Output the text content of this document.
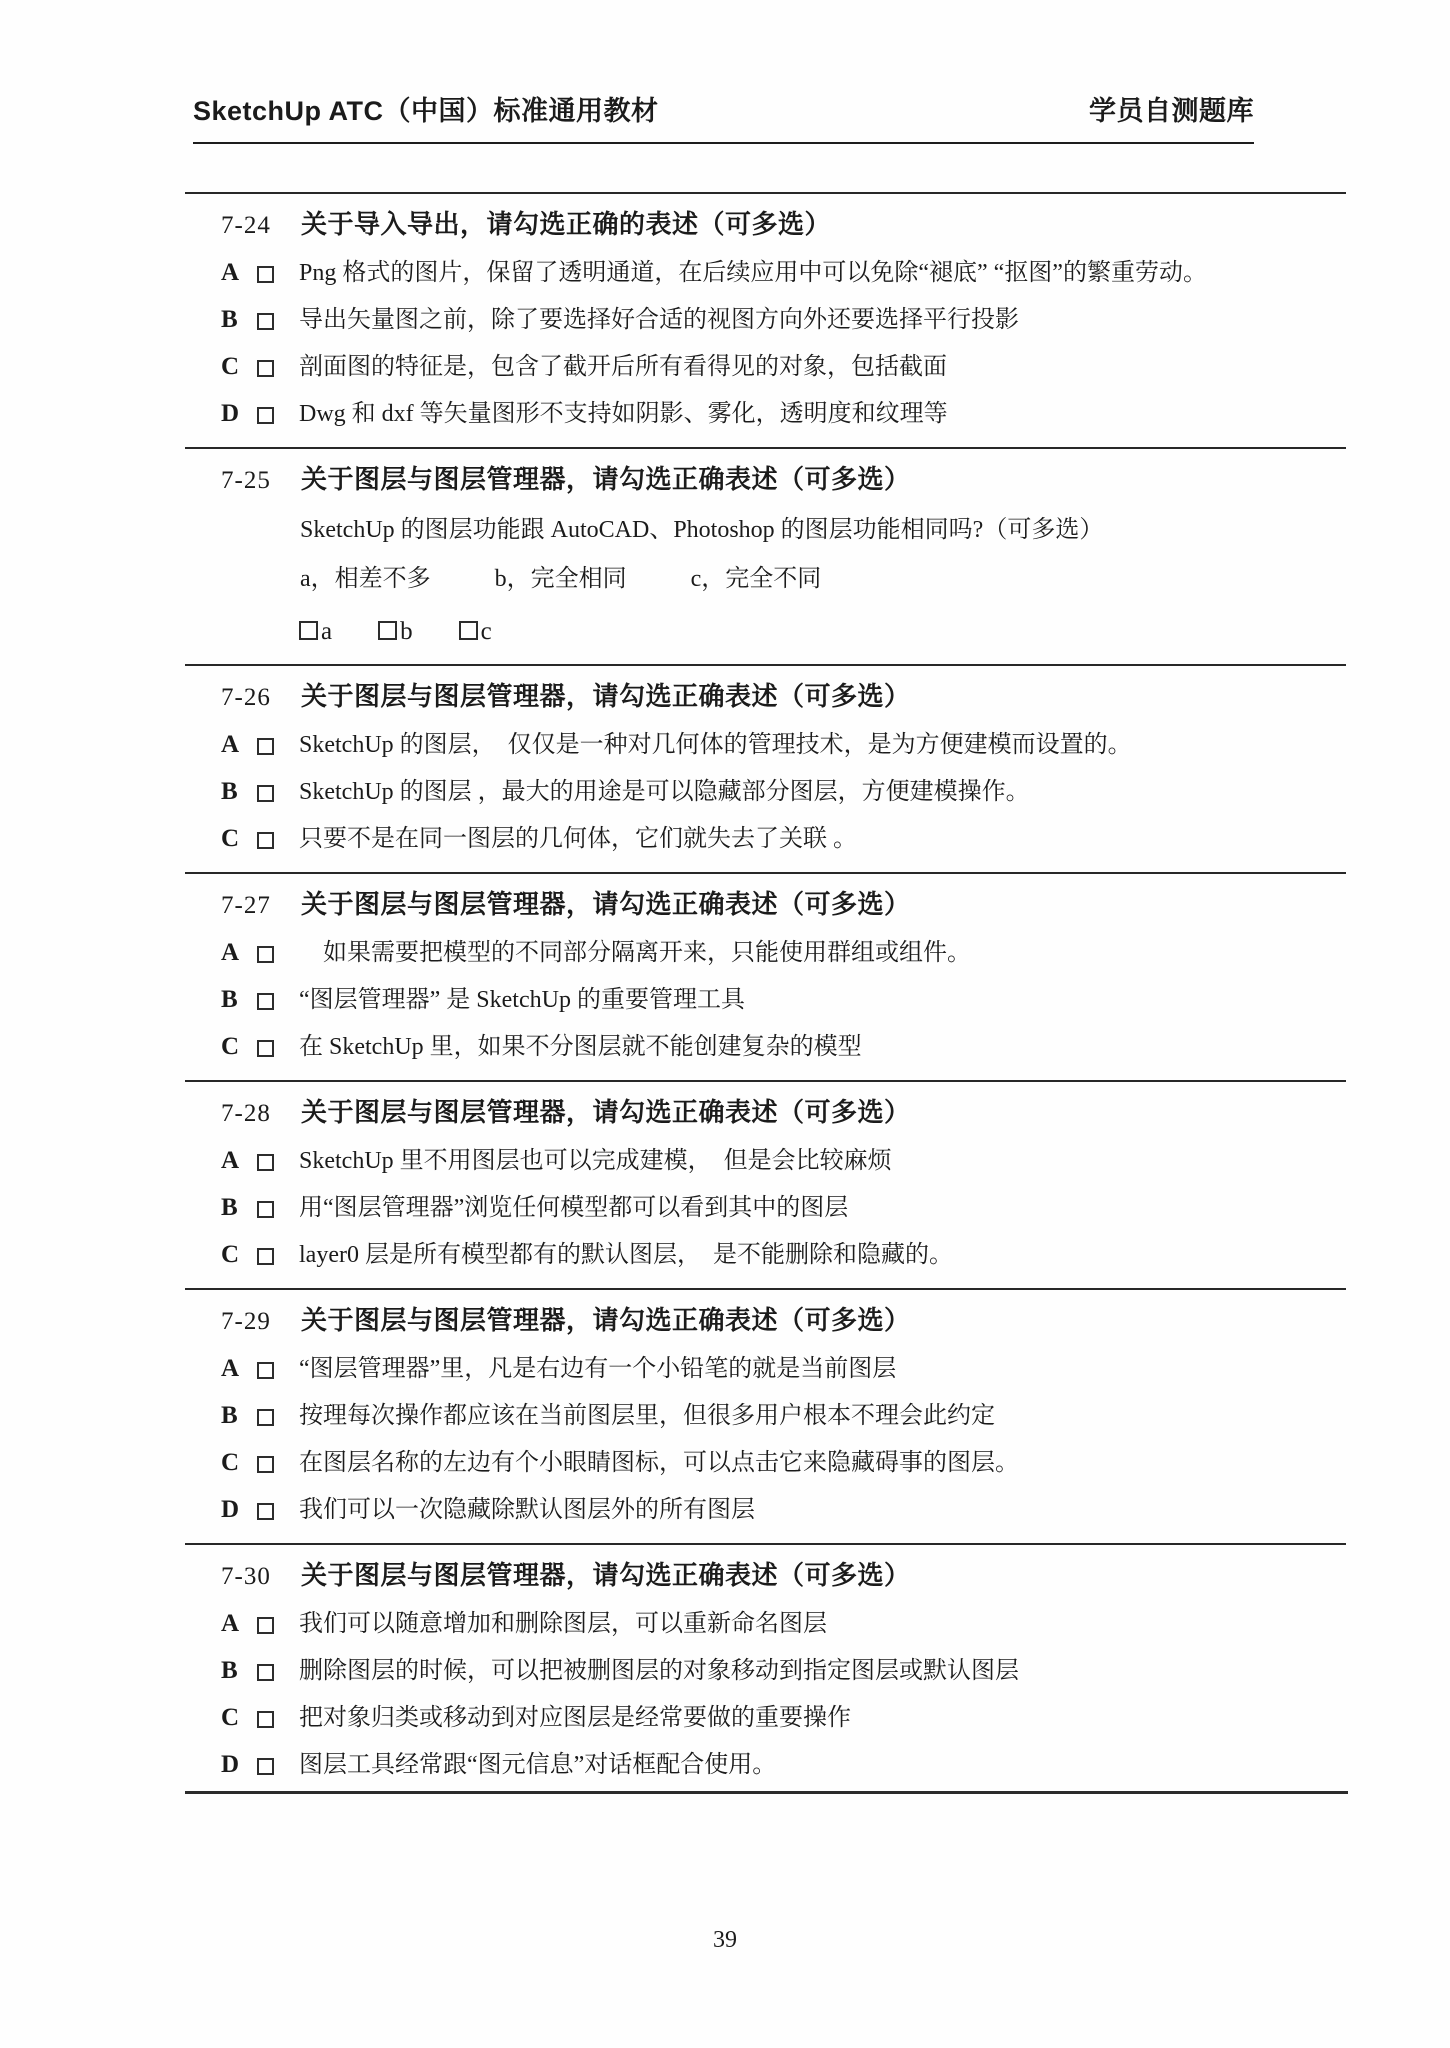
SketchUp ATC（中国）标准通用教材	学员自测题库
7-24	关于导入导出，请勾选正确的表述（可多选）
A	Png 格式的图片，保留了透明通道，在后续应用中可以免除“褪底” “抠图”的繁重劳动。
B	导出矢量图之前，除了要选择好合适的视图方向外还要选择平行投影
C	剖面图的特征是，包含了截开后所有看得见的对象，包括截面
D	Dwg 和 dxf 等矢量图形不支持如阴影、雾化，透明度和纹理等
7-25	关于图层与图层管理器，请勾选正确表述（可多选）
SketchUp 的图层功能跟 AutoCAD、Photoshop 的图层功能相同吗?（可多选）
a，相差不多	b，完全相同	c，完全不同
a	b	c
7-26	关于图层与图层管理器，请勾选正确表述（可多选）
A	SketchUp 的图层，　仅仅是一种对几何体的管理技术，是为方便建模而设置的。
B	SketchUp 的图层 ，最大的用途是可以隐藏部分图层，方便建模操作。
C	只要不是在同一图层的几何体，它们就失去了关联 。
7-27	关于图层与图层管理器，请勾选正确表述（可多选）
A	　如果需要把模型的不同部分隔离开来，只能使用群组或组件。
B	“图层管理器” 是 SketchUp 的重要管理工具
C	在 SketchUp 里，如果不分图层就不能创建复杂的模型
7-28	关于图层与图层管理器，请勾选正确表述（可多选）
A	SketchUp 里不用图层也可以完成建模，　但是会比较麻烦
B	用“图层管理器”浏览任何模型都可以看到其中的图层
C	layer0 层是所有模型都有的默认图层，　是不能删除和隐藏的。
7-29	关于图层与图层管理器，请勾选正确表述（可多选）
A	“图层管理器”里，凡是右边有一个小铅笔的就是当前图层
B	按理每次操作都应该在当前图层里，但很多用户根本不理会此约定
C	在图层名称的左边有个小眼睛图标，可以点击它来隐藏碍事的图层。
D	我们可以一次隐藏除默认图层外的所有图层
7-30	关于图层与图层管理器，请勾选正确表述（可多选）
A	我们可以随意增加和删除图层，可以重新命名图层
B	删除图层的时候，可以把被删图层的对象移动到指定图层或默认图层
C	把对象归类或移动到对应图层是经常要做的重要操作
D	图层工具经常跟“图元信息”对话框配合使用。
39
